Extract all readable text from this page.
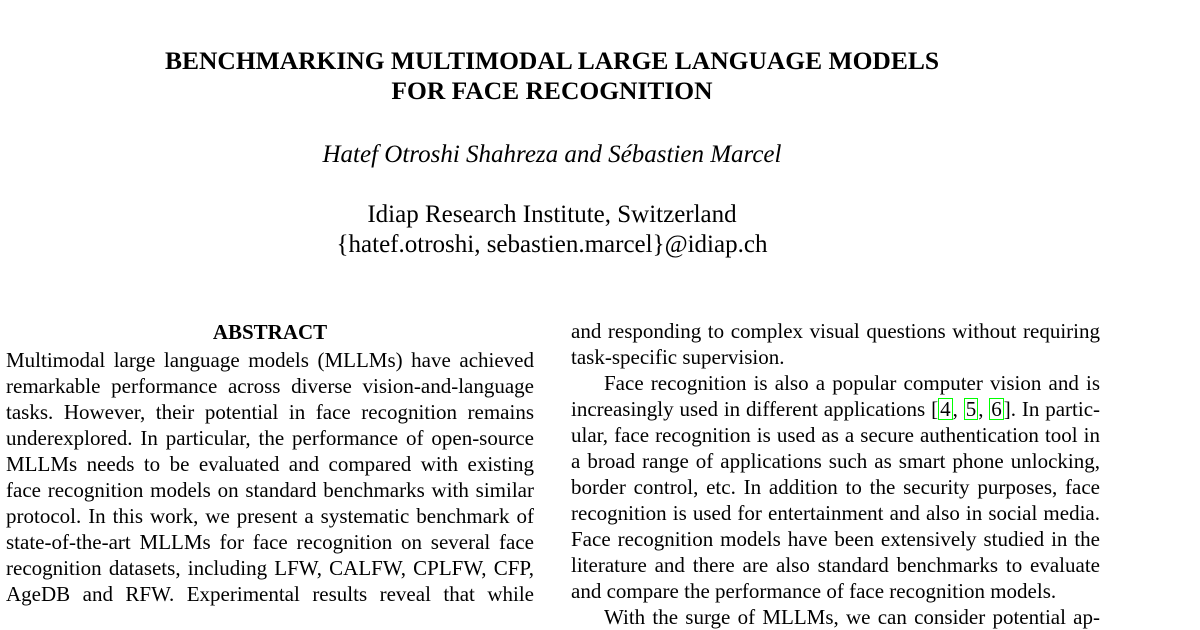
BENCHMARKING MULTIMODAL LARGE LANGUAGE MODELS
FOR FACE RECOGNITION
Hatef Otroshi Shahreza and Sébastien Marcel
Idiap Research Institute, Switzerland
{hatef.otroshi, sebastien.marcel}@idiap.ch
ABSTRACT
Multimodal large language models (MLLMs) have achieved
remarkable performance across diverse vision-and-language
tasks. However, their potential in face recognition remains
underexplored. In particular, the performance of open-source
MLLMs needs to be evaluated and compared with existing
face recognition models on standard benchmarks with similar
protocol. In this work, we present a systematic benchmark of
state-of-the-art MLLMs for face recognition on several face
recognition datasets, including LFW, CALFW, CPLFW, CFP,
AgeDB and RFW. Experimental results reveal that while
and responding to complex visual questions without requiring
task-specific supervision.
Face recognition is also a popular computer vision and is
increasingly used in different applications [4, 5, 6]. In partic-
ular, face recognition is used as a secure authentication tool in
a broad range of applications such as smart phone unlocking,
border control, etc. In addition to the security purposes, face
recognition is used for entertainment and also in social media.
Face recognition models have been extensively studied in the
literature and there are also standard benchmarks to evaluate
and compare the performance of face recognition models.
With the surge of MLLMs, we can consider potential ap-
